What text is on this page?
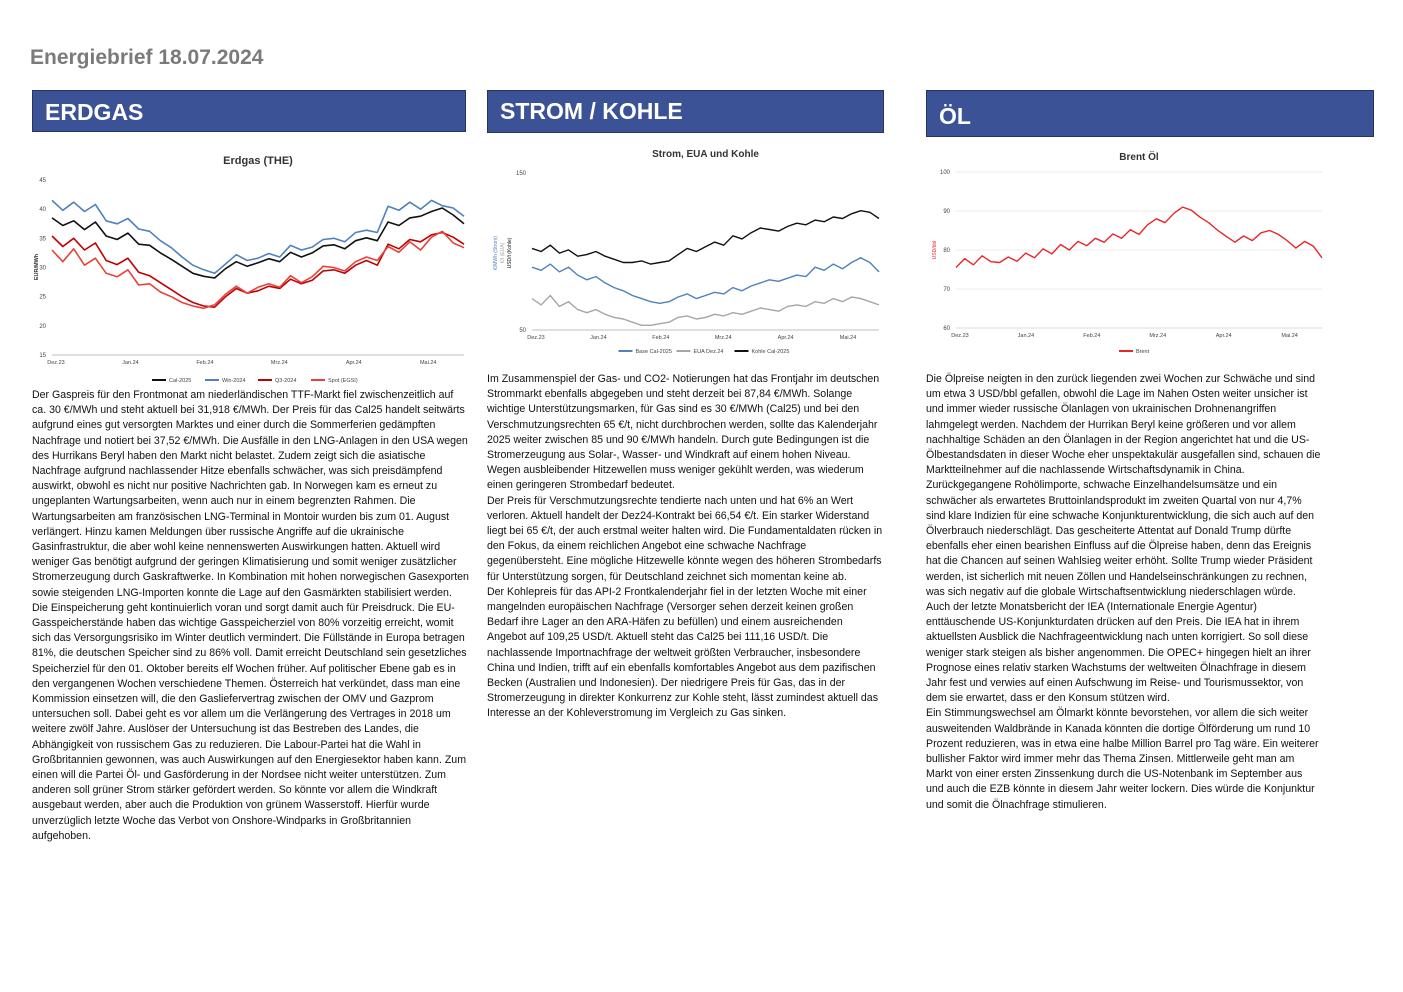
Energiebrief 18.07.2024
ERDGAS
Erdgas (THE)
15
20
25
30
35
40
45
Dez.23	Jan.24	Feb.24	Mrz.24	Apr.24	Mai.24
Cal-2025	Win-2024	Q3-2024	Spot (EGSI)
EUR/MWh

Der Gaspreis für den Frontmonat am niederländischen TTF-Markt fiel zwischenzeitlich auf ca. 30 €/MWh und steht aktuell bei 31,918 €/MWh. Der Preis für das Cal25 handelt seitwärts aufgrund eines gut versorgten Marktes und einer durch die Sommerferien gedämpften Nachfrage und notiert bei 37,52 €/MWh. Die Ausfälle in den LNG-Anlagen in den USA wegen des Hurrikans Beryl haben den Markt nicht belastet. Zudem zeigt sich die asiatische Nachfrage aufgrund nachlassender Hitze ebenfalls schwächer, was sich preisdämpfend auswirkt, obwohl es nicht nur positive Nachrichten gab. In Norwegen kam es erneut zu ungeplanten Wartungsarbeiten, wenn auch nur in einem begrenzten Rahmen. Die Wartungsarbeiten am französischen LNG-Terminal in Montoir wurden bis zum 01. August verlängert. Hinzu kamen Meldungen über russische Angriffe auf die ukrainische Gasinfrastruktur, die aber wohl keine nennenswerten Auswirkungen hatten. Aktuell wird weniger Gas benötigt aufgrund der geringen Klimatisierung und somit weniger zusätzlicher Stromerzeugung durch Gaskraftwerke. In Kombination mit hohen norwegischen Gasexporten sowie steigenden LNG-Importen konnte die Lage auf den Gasmärkten stabilisiert werden.

Die Einspeicherung geht kontinuierlich voran und sorgt damit auch für Preisdruck. Die EU-Gasspeicherstände haben das wichtige Gasspeicherziel von 80% vorzeitig erreicht, womit sich das Versorgungsrisiko im Winter deutlich vermindert. Die Füllstände in Europa betragen 81%, die deutschen Speicher sind zu 86% voll. Damit erreicht Deutschland sein gesetzliches Speicherziel für den 01. Oktober bereits elf Wochen früher. Auf politischer Ebene gab es in den vergangenen Wochen verschiedene Themen. Österreich hat verkündet, dass man eine Kommission einsetzen will, die den Gasliefervertrag zwischen der OMV und Gazprom untersuchen soll. Dabei geht es vor allem um die Verlängerung des Vertrages in 2018 um weitere zwölf Jahre. Auslöser der Untersuchung ist das Bestreben des Landes, die Abhängigkeit von russischem Gas zu reduzieren. Die Labour-Partei hat die Wahl in Großbritannien gewonnen, was auch Auswirkungen auf den Energiesektor haben kann. Zum einen will die Partei Öl- und Gasförderung in der Nordsee nicht weiter unterstützen. Zum anderen soll grüner Strom stärker gefördert werden. So könnte vor allem die Windkraft ausgebaut werden, aber auch die Produktion von grünem Wasserstoff. Hierfür wurde unverzüglich letzte Woche das Verbot von Onshore-Windparks in Großbritannien aufgehoben.

STROM / KOHLE
Strom, EUA und Kohle
50
150
Dez.23	Jan.24	Feb.24	Mrz.24	Apr.24	Mai.24
Base Cal-2025	EUA Dez.24	Kohle Cal-2025
€/MWh (Strom) €/t (EUA) USD/t (Kohle)

Im Zusammenspiel der Gas- und CO2- Notierungen hat das Frontjahr im deutschen Strommarkt ebenfalls abgegeben und steht derzeit bei 87,84 €/MWh. Solange wichtige Unterstützungsmarken, für Gas sind es 30 €/MWh (Cal25) und bei den Verschmutzungsrechten 65 €/t, nicht durchbrochen werden, sollte das Kalenderjahr 2025 weiter zwischen 85 und 90 €/MWh handeln. Durch gute Bedingungen ist die Stromerzeugung aus Solar-, Wasser- und Windkraft auf einem hohen Niveau. Wegen ausbleibender Hitzewellen muss weniger gekühlt werden, was wiederum einen geringeren Strombedarf bedeutet.

Der Preis für Verschmutzungsrechte tendierte nach unten und hat 6% an Wert verloren. Aktuell handelt der Dez24-Kontrakt bei 66,54 €/t. Ein starker Widerstand liegt bei 65 €/t, der auch erstmal weiter halten wird. Die Fundamentaldaten rücken in den Fokus, da einem reichlichen Angebot eine schwache Nachfrage gegenübersteht. Eine mögliche Hitzewelle könnte wegen des höheren Strombedarfs für Unterstützung sorgen, für Deutschland zeichnet sich momentan keine ab.

Der Kohlepreis für das API-2 Frontkalenderjahr fiel in der letzten Woche mit einer mangelnden europäischen Nachfrage (Versorger sehen derzeit keinen großen Bedarf ihre Lager an den ARA-Häfen zu befüllen) und einem ausreichenden Angebot auf 109,25 USD/t. Aktuell steht das Cal25 bei 111,16 USD/t. Die nachlassende Importnachfrage der weltweit größten Verbraucher, insbesondere China und Indien, trifft auf ein ebenfalls komfortables Angebot aus dem pazifischen Becken (Australien und Indonesien). Der niedrigere Preis für Gas, das in der Stromerzeugung in direkter Konkurrenz zur Kohle steht, lässt zumindest aktuell das Interesse an der Kohleverstromung im Vergleich zu Gas sinken.

ÖL
Brent Öl
60
70
80
90
100
Dez.23	Jan.24	Feb.24	Mrz.24	Apr.24	Mai.24
Brent
USD/bbl

Die Ölpreise neigten in den zurück liegenden zwei Wochen zur Schwäche und sind um etwa 3 USD/bbl gefallen, obwohl die Lage im Nahen Osten weiter unsicher ist und immer wieder russische Ölanlagen von ukrainischen Drohnenangriffen lahmgelegt werden. Nachdem der Hurrikan Beryl keine größeren und vor allem nachhaltige Schäden an den Ölanlagen in der Region angerichtet hat und die US-Ölbestandsdaten in dieser Woche eher unspektakulär ausgefallen sind, schauen die Marktteilnehmer auf die nachlassende Wirtschaftsdynamik in China. Zurückgegangene Rohölimporte, schwache Einzelhandelsumsätze und ein schwächer als erwartetes Bruttoinlandsprodukt im zweiten Quartal von nur 4,7% sind klare Indizien für eine schwache Konjunkturentwicklung, die sich auch auf den Ölverbrauch niederschlägt. Das gescheiterte Attentat auf Donald Trump dürfte ebenfalls eher einen bearishen Einfluss auf die Ölpreise haben, denn das Ereignis hat die Chancen auf seinen Wahlsieg weiter erhöht. Sollte Trump wieder Präsident werden, ist sicherlich mit neuen Zöllen und Handelseinschränkungen zu rechnen, was sich negativ auf die globale Wirtschaftsentwicklung niederschlagen würde. Auch der letzte Monatsbericht der IEA (Internationale Energie Agentur) enttäuschende US-Konjunkturdaten drücken auf den Preis. Die IEA hat in ihrem aktuellsten Ausblick die Nachfrageentwicklung nach unten korrigiert. So soll diese weniger stark steigen als bisher angenommen. Die OPEC+ hingegen hielt an ihrer Prognose eines relativ starken Wachstums der weltweiten Ölnachfrage in diesem Jahr fest und verwies auf einen Aufschwung im Reise- und Tourismussektor, von dem sie erwartet, dass er den Konsum stützen wird.

Ein Stimmungswechsel am Ölmarkt könnte bevorstehen, vor allem die sich weiter ausweitenden Waldbrände in Kanada könnten die dortige Ölförderung um rund 10 Prozent reduzieren, was in etwa eine halbe Million Barrel pro Tag wäre. Ein weiterer bullisher Faktor wird immer mehr das Thema Zinsen. Mittlerweile geht man am Markt von einer ersten Zinssenkung durch die US-Notenbank im September aus und auch die EZB könnte in diesem Jahr weiter lockern. Dies würde die Konjunktur und somit die Ölnachfrage stimulieren.
